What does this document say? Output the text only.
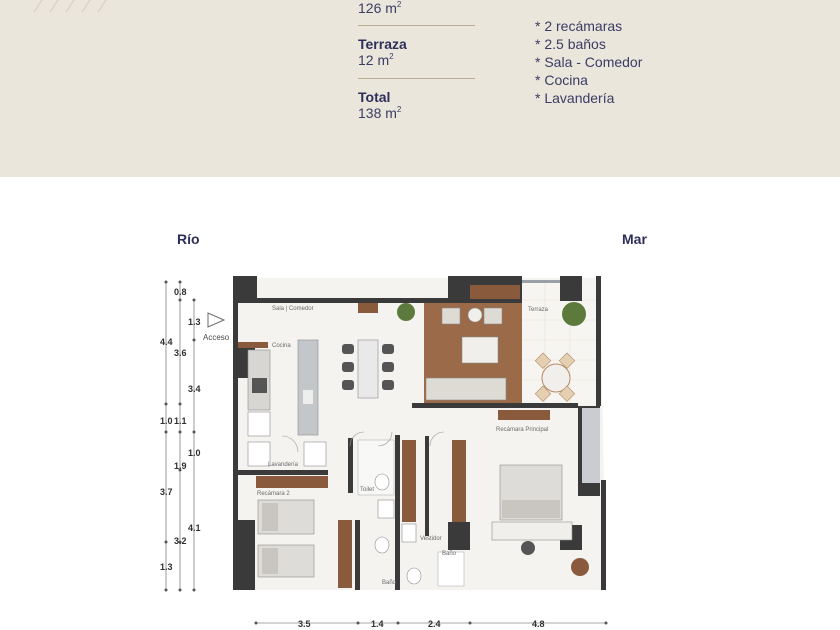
126 $m^2$
Terraza
12 $m^2$
Total
138 $m^2$
* 2 recámaras
* 2.5 baños
* Sala - Comedor
* Cocina
* Lavandería
Río	Mar
Sala | Comedor	Terraza
Cocina
Lavandería
Recámara Principal
Recámara 2
Toilet
Vestidor
Baño
Baño
Acceso
4.4
1.0
3.7
1.3
0.8
1.3
3.6
3.4
1.1
1.0
1.9
4.1
3.2
3.5	1.4	2.4	4.8
